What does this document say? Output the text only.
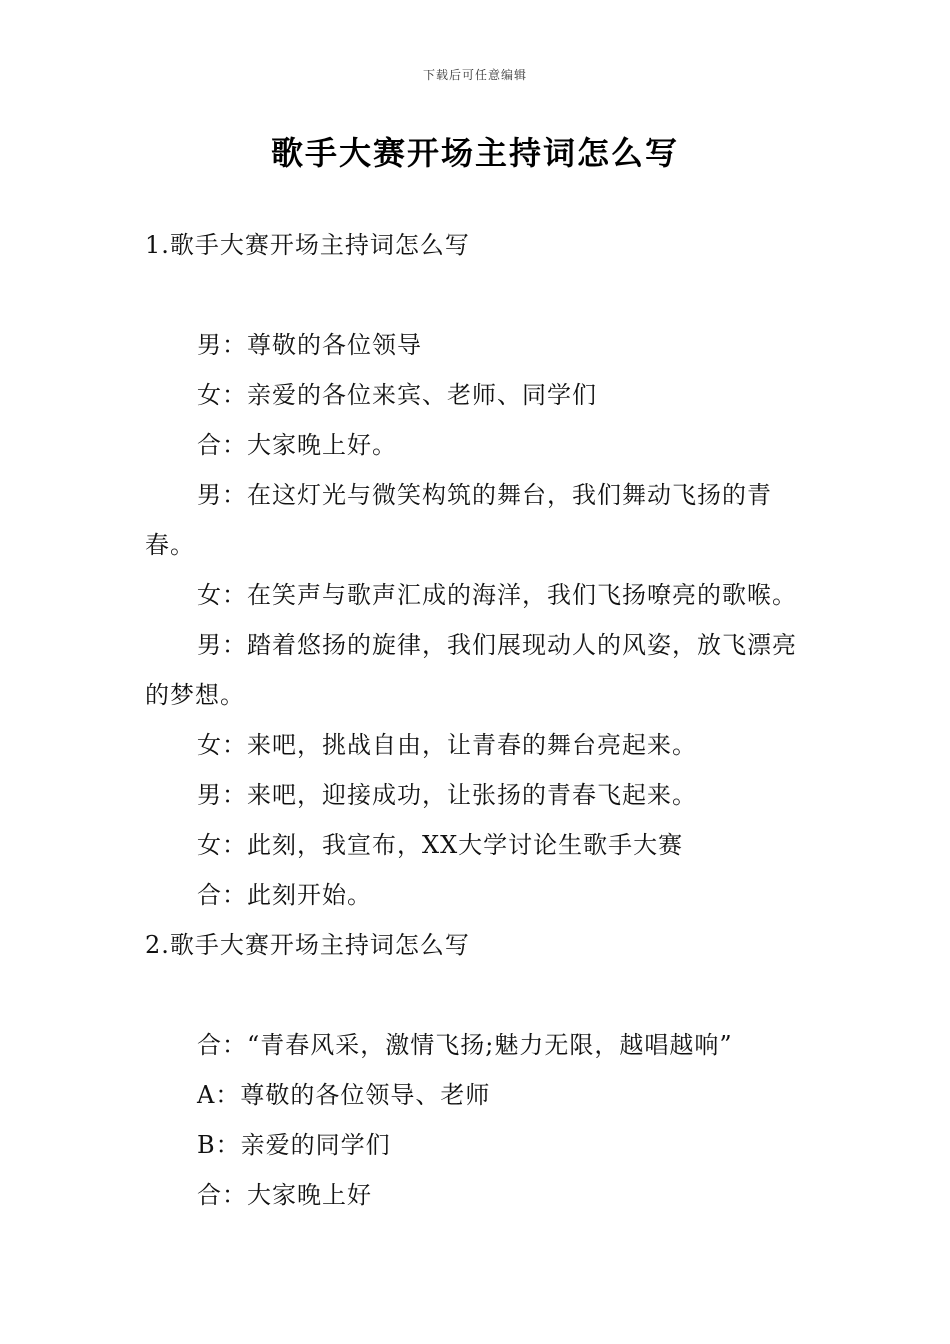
下载后可任意编辑
歌手大赛开场主持词怎么写

1.歌手大赛开场主持词怎么写

男：尊敬的各位领导

女：亲爱的各位来宾、老师、同学们

合：大家晚上好。

男：在这灯光与微笑构筑的舞台，我们舞动飞扬的青春。

女：在笑声与歌声汇成的海洋，我们飞扬嘹亮的歌喉。

男：踏着悠扬的旋律，我们展现动人的风姿，放飞漂亮的梦想。

女：来吧，挑战自由，让青春的舞台亮起来。

男：来吧，迎接成功，让张扬的青春飞起来。

女：此刻，我宣布，XX大学讨论生歌手大赛

合：此刻开始。

2.歌手大赛开场主持词怎么写

合：“青春风采，激情飞扬;魅力无限，越唱越响”

A：尊敬的各位领导、老师

B：亲爱的同学们

合：大家晚上好
